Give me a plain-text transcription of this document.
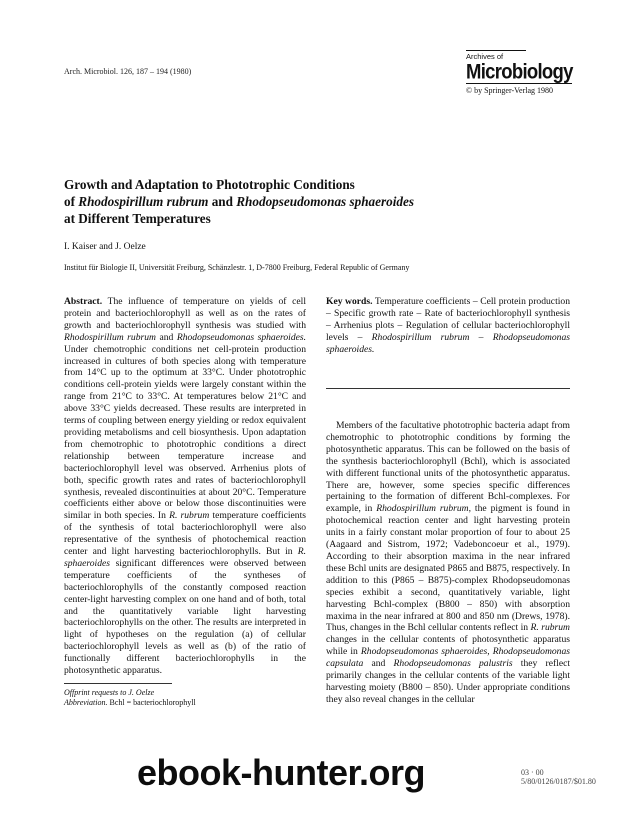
Arch. Microbiol. 126, 187 – 194 (1980)
Archives of
Microbiology
© by Springer-Verlag 1980
Growth and Adaptation to Phototrophic Conditions
of Rhodospirillum rubrum and Rhodopseudomonas sphaeroides
at Different Temperatures
I. Kaiser and J. Oelze
Institut für Biologie II, Universität Freiburg, Schänzlestr. 1, D-7800 Freiburg, Federal Republic of Germany
Abstract. The influence of temperature on yields of cell protein and bacteriochlorophyll as well as on the rates of growth and bacteriochlorophyll synthesis was studied with Rhodospirillum rubrum and Rhodopseudomonas sphaeroides. Under chemotrophic conditions net cell-protein production increased in cultures of both species along with temperature from 14°C up to the optimum at 33°C. Under phototrophic conditions cell-protein yields were largely constant within the range from 21°C to 33°C. At temperatures below 21°C and above 33°C yields decreased. These results are interpreted in terms of coupling between energy yielding or redox equivalent providing metabolisms and cell biosynthesis. Upon adaptation from chemotrophic to phototrophic conditions a direct relationship between temperature increase and bacteriochlorophyll level was observed. Arrhenius plots of both, specific growth rates and rates of bacteriochlorophyll synthesis, revealed discontinuities at about 20°C. Temperature coefficients either above or below those discontinuities were similar in both species. In R. rubrum temperature coefficients of the synthesis of total bacteriochlorophyll were also representative of the synthesis of photochemical reaction center and light harvesting bacteriochlorophylls. But in R. sphaeroides significant differences were observed between temperature coefficients of the syntheses of bacteriochlorophylls of the constantly composed reaction center-light harvesting complex on one hand and of both, total and the quantitatively variable light harvesting bacteriochlorophylls on the other. The results are interpreted in light of hypotheses on the regulation (a) of cellular bacteriochlorophyll levels as well as (b) of the ratio of functionally different bacteriochlorophylls in the photosynthetic apparatus.
Key words. Temperature coefficients – Cell protein production – Specific growth rate – Rate of bacteriochlorophyll synthesis – Arrhenius plots – Regulation of cellular bacteriochlorophyll levels – Rhodospirillum rubrum – Rhodopseudomonas sphaeroides.
Members of the facultative phototrophic bacteria adapt from chemotrophic to phototrophic conditions by forming the photosynthetic apparatus. This can be followed on the basis of the synthesis bacteriochlorophyll (Bchl), which is associated with different functional units of the photosynthetic apparatus. There are, however, some species specific differences pertaining to the formation of different Bchl-complexes. For example, in Rhodospirillum rubrum, the pigment is found in photochemical reaction center and light harvesting protein units in a fairly constant molar proportion of four to about 25 (Aagaard and Sistrom, 1972; Vadeboncoeur et al., 1979). According to their absorption maxima in the near infrared these Bchl units are designated P865 and B875, respectively. In addition to this (P865 – B875)-complex Rhodopseudomonas species exhibit a second, quantitatively variable, light harvesting Bchl-complex (B800 – 850) with absorption maxima in the near infrared at 800 and 850 nm (Drews, 1978). Thus, changes in the Bchl cellular contents reflect in R. rubrum changes in the cellular contents of photosynthetic apparatus while in Rhodopseudomonas sphaeroides, Rhodopseudomonas capsulata and Rhodopseudomonas palustris they reflect primarily changes in the cellular contents of the variable light harvesting moiety (B800 – 850). Under appropriate conditions they also reveal changes in the cellular
Offprint requests to J. Oelze
Abbreviation. Bchl = bacteriochlorophyll
03 · 00 5/80/0126/0187/$01.80
ebook-hunter.org
